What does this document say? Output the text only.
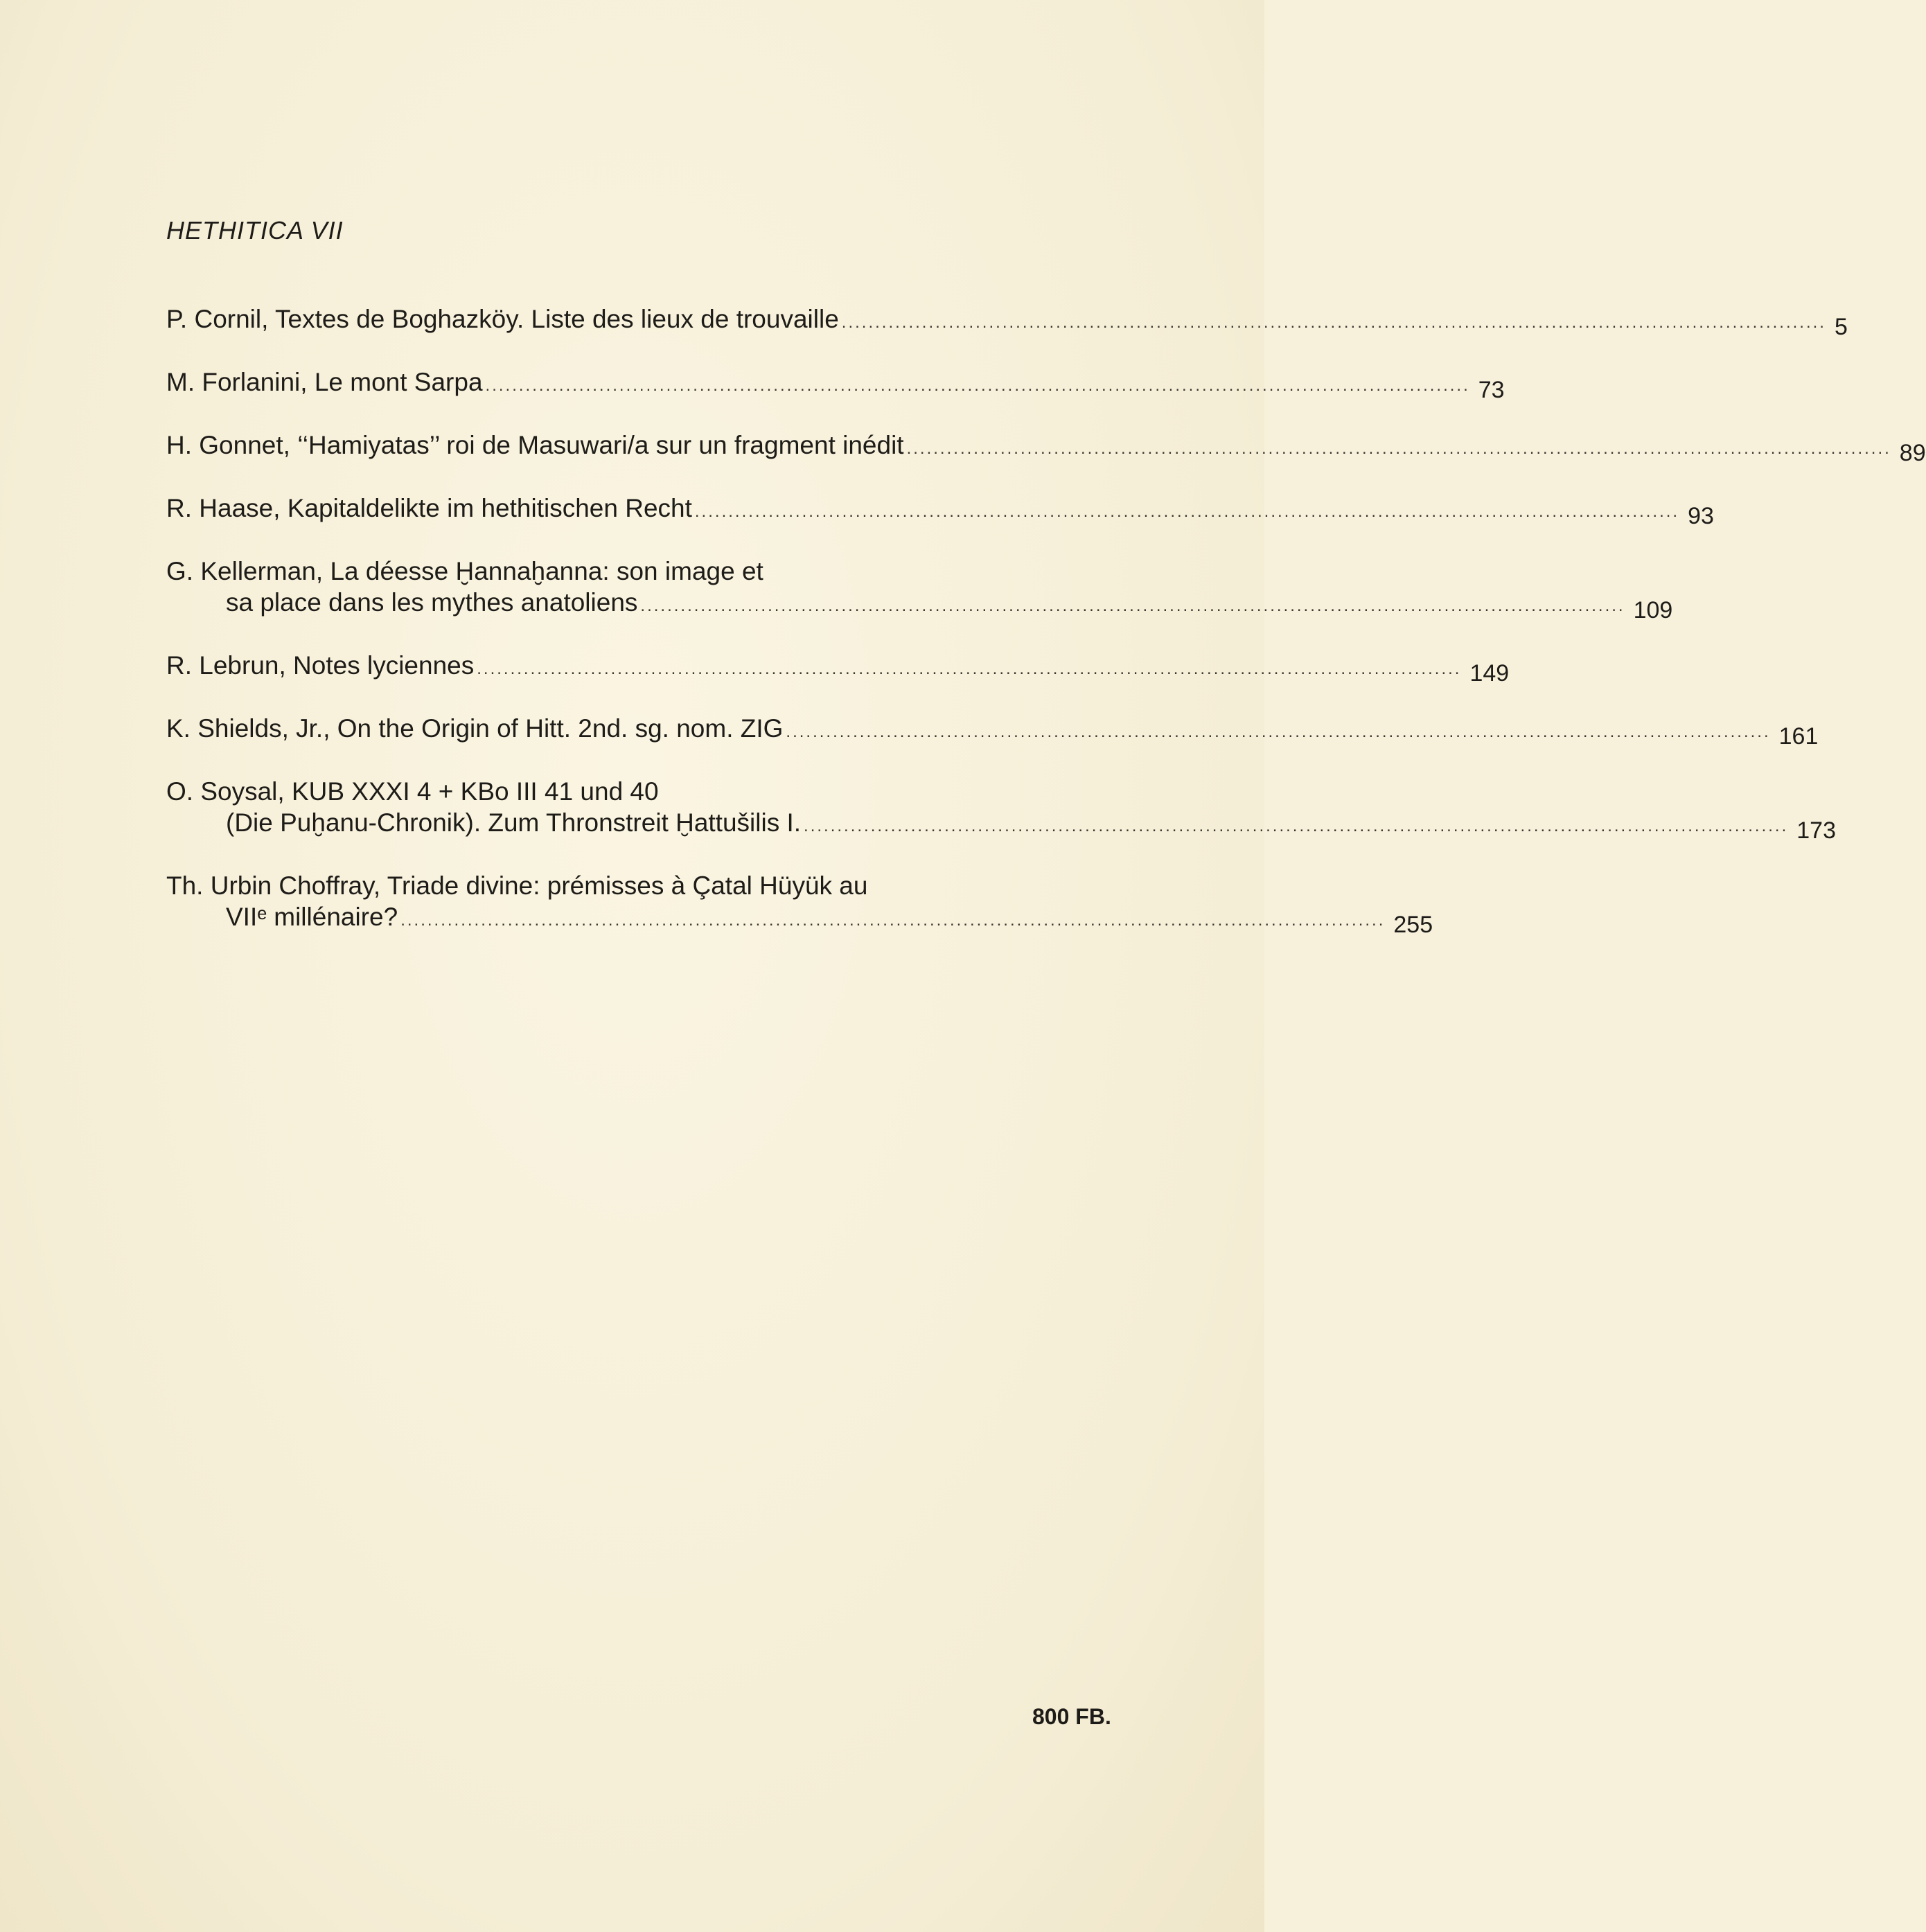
HETHITICA VII
P. Cornil, Textes de Boghazköy. Liste des lieux de trouvaille ................................................................................................................................................... 5
M. Forlanini, Le mont Sarpa ................................................................................................................................................... 73
H. Gonnet, ‘‘Hamiyatas’’ roi de Masuwari/a sur un fragment inédit ................................................................................................................................................... 89
R. Haase, Kapitaldelikte im hethitischen Recht ................................................................................................................................................... 93
G. Kellerman, La déesse Ḫannaḫanna: son image et
sa place dans les mythes anatoliens ................................................................................................................................................... 109
R. Lebrun, Notes lyciennes ................................................................................................................................................... 149
K. Shields, Jr., On the Origin of Hitt. 2nd. sg. nom. ZIG ................................................................................................................................................... 161
O. Soysal, KUB XXXI 4 + KBo III 41 und 40
(Die Puḫanu-Chronik). Zum Thronstreit Ḫattušilis I. ................................................................................................................................................... 173
Th. Urbin Choffray, Triade divine: prémisses à Çatal Hüyük au
VIIᵉ millénaire? ................................................................................................................................................... 255
800 FB.
